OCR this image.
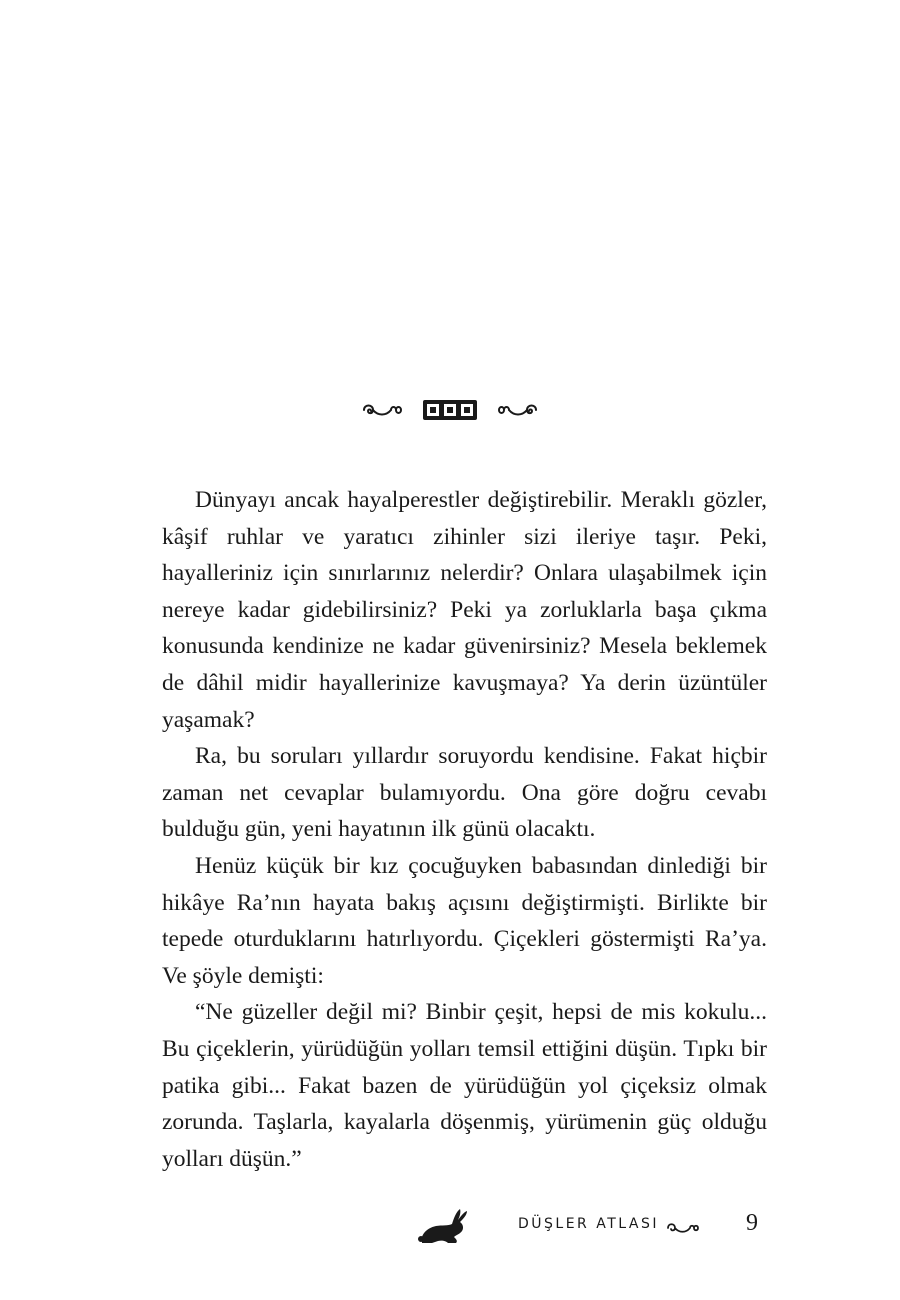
Dünyayı ancak hayalperestler değiştirebilir. Meraklı gözler, kâşif ruhlar ve yaratıcı zihinler sizi ileriye taşır. Peki, hayalleriniz için sınırlarınız nelerdir? Onlara ulaşabilmek için nereye kadar gidebilirsiniz? Peki ya zorluklarla başa çıkma konusunda kendinize ne kadar güvenirsiniz? Mesela beklemek de dâhil midir hayallerinize kavuşmaya? Ya derin üzüntüler yaşamak?

Ra, bu soruları yıllardır soruyordu kendisine. Fakat hiçbir zaman net cevaplar bulamıyordu. Ona göre doğru cevabı bulduğu gün, yeni hayatının ilk günü olacaktı.

Henüz küçük bir kız çocuğuyken babasından dinlediği bir hikâye Ra’nın hayata bakış açısını değiştirmişti. Birlikte bir tepede oturduklarını hatırlıyordu. Çiçekleri göstermişti Ra’ya. Ve şöyle demişti:

“Ne güzeller değil mi? Binbir çeşit, hepsi de mis kokulu... Bu çiçeklerin, yürüdüğün yolları temsil ettiğini düşün. Tıpkı bir patika gibi... Fakat bazen de yürüdüğün yol çiçeksiz olmak zorunda. Taşlarla, kayalarla döşenmiş, yürümenin güç olduğu yolları düşün.”

DÜŞLER ATLASI	9
